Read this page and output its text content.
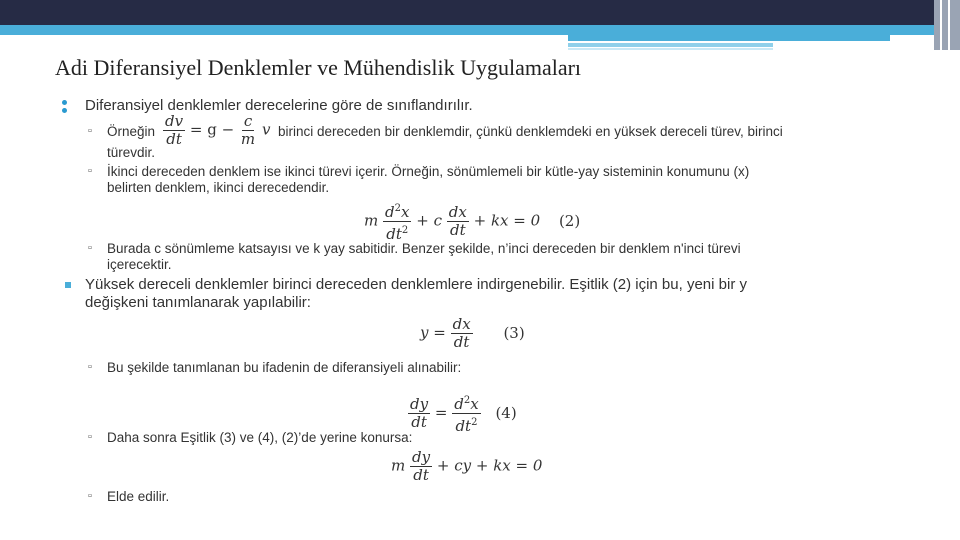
Adi Diferansiyel Denklemler ve Mühendislik Uygulamaları
Diferansiyel denklemler derecelerine göre de sınıflandırılır.
▫ Örneğin $\frac{dv}{dt} = g - \frac{c}{m}$ v birinci dereceden bir denklemdir, çünkü denklemdeki en yüksek dereceli türev, birinci
türevdir.
▫ İkinci dereceden denklem ise ikinci türevi içerir. Örneğin, sönümlemeli bir kütle-yay sisteminin konumunu (x)
belirten denklem, ikinci derecedendir.
m $\frac{d^2x}{dt^2} + c \frac{dx}{dt}$ + kx = 0 (2)
▫ Burada c sönümleme katsayısı ve k yay sabitidir. Benzer şekilde, n’inci dereceden bir denklem n'inci türevi
içerecektir.
Yüksek dereceli denklemler birinci dereceden denklemlere indirgenebilir. Eşitlik (2) için bu, yeni bir y
değişkeni tanımlanarak yapılabilir:
$y = \frac{dx}{dt} (3)$
▫ Bu şekilde tanımlanan bu ifadenin de diferansiyeli alınabilir:
$\frac{dy}{dt} = \frac{d^2x}{dt^2} (4)$
▫ Daha sonra Eşitlik (3) ve (4), (2)’de yerine konursa:
m $\frac{dy}{dt}$ + cy + kx = 0
▫ Elde edilir.
